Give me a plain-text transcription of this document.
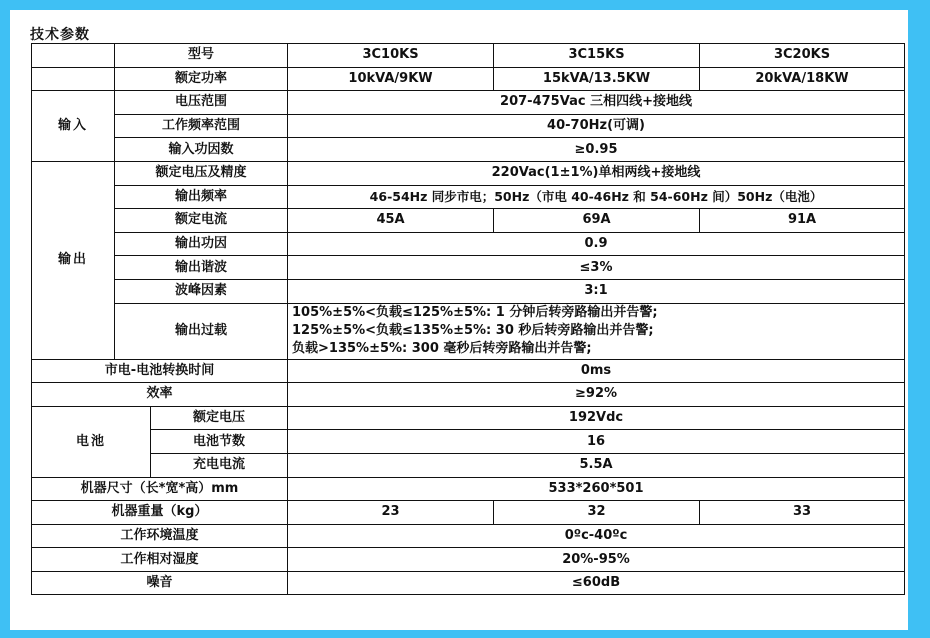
技术参数
	型号		3C10KS	3C15KS	3C20KS
	额定功率		10kVA/9KW	15kVA/13.5KW	20kVA/18KW
输入	电压范围		207-475Vac 三相四线+接地线		
	工作频率范围		40-70Hz(可调)		
	输入功因数		≥0.95		
输出	额定电压及精度		220Vac(1±1%)单相两线+接地线		
	输出频率		46-54Hz 同步市电；50Hz（市电 40-46Hz 和 54-60Hz 间）50Hz（电池）		
	额定电流		45A	69A	91A
	输出功因		0.9		
	输出谐波		≤3%		
	波峰因素		3:1		
	输出过载		105%±5%<负载≤125%±5%: 1 分钟后转旁路输出并告警;
125%±5%<负载≤135%±5%: 30 秒后转旁路输出并告警;
负载>135%±5%: 300 毫秒后转旁路输出并告警;		

市电-电池转换时间			0ms		
效率			≥92%		
电池		额定电压	192Vdc		
		电池节数	16		
		充电电流	5.5A		
机器尺寸（长*宽*高）mm			533*260*501		
机器重量（kg）			23	32	33
工作环境温度			0ºc-40ºc		
工作相对湿度			20%-95%		
噪音			≤60dB		
